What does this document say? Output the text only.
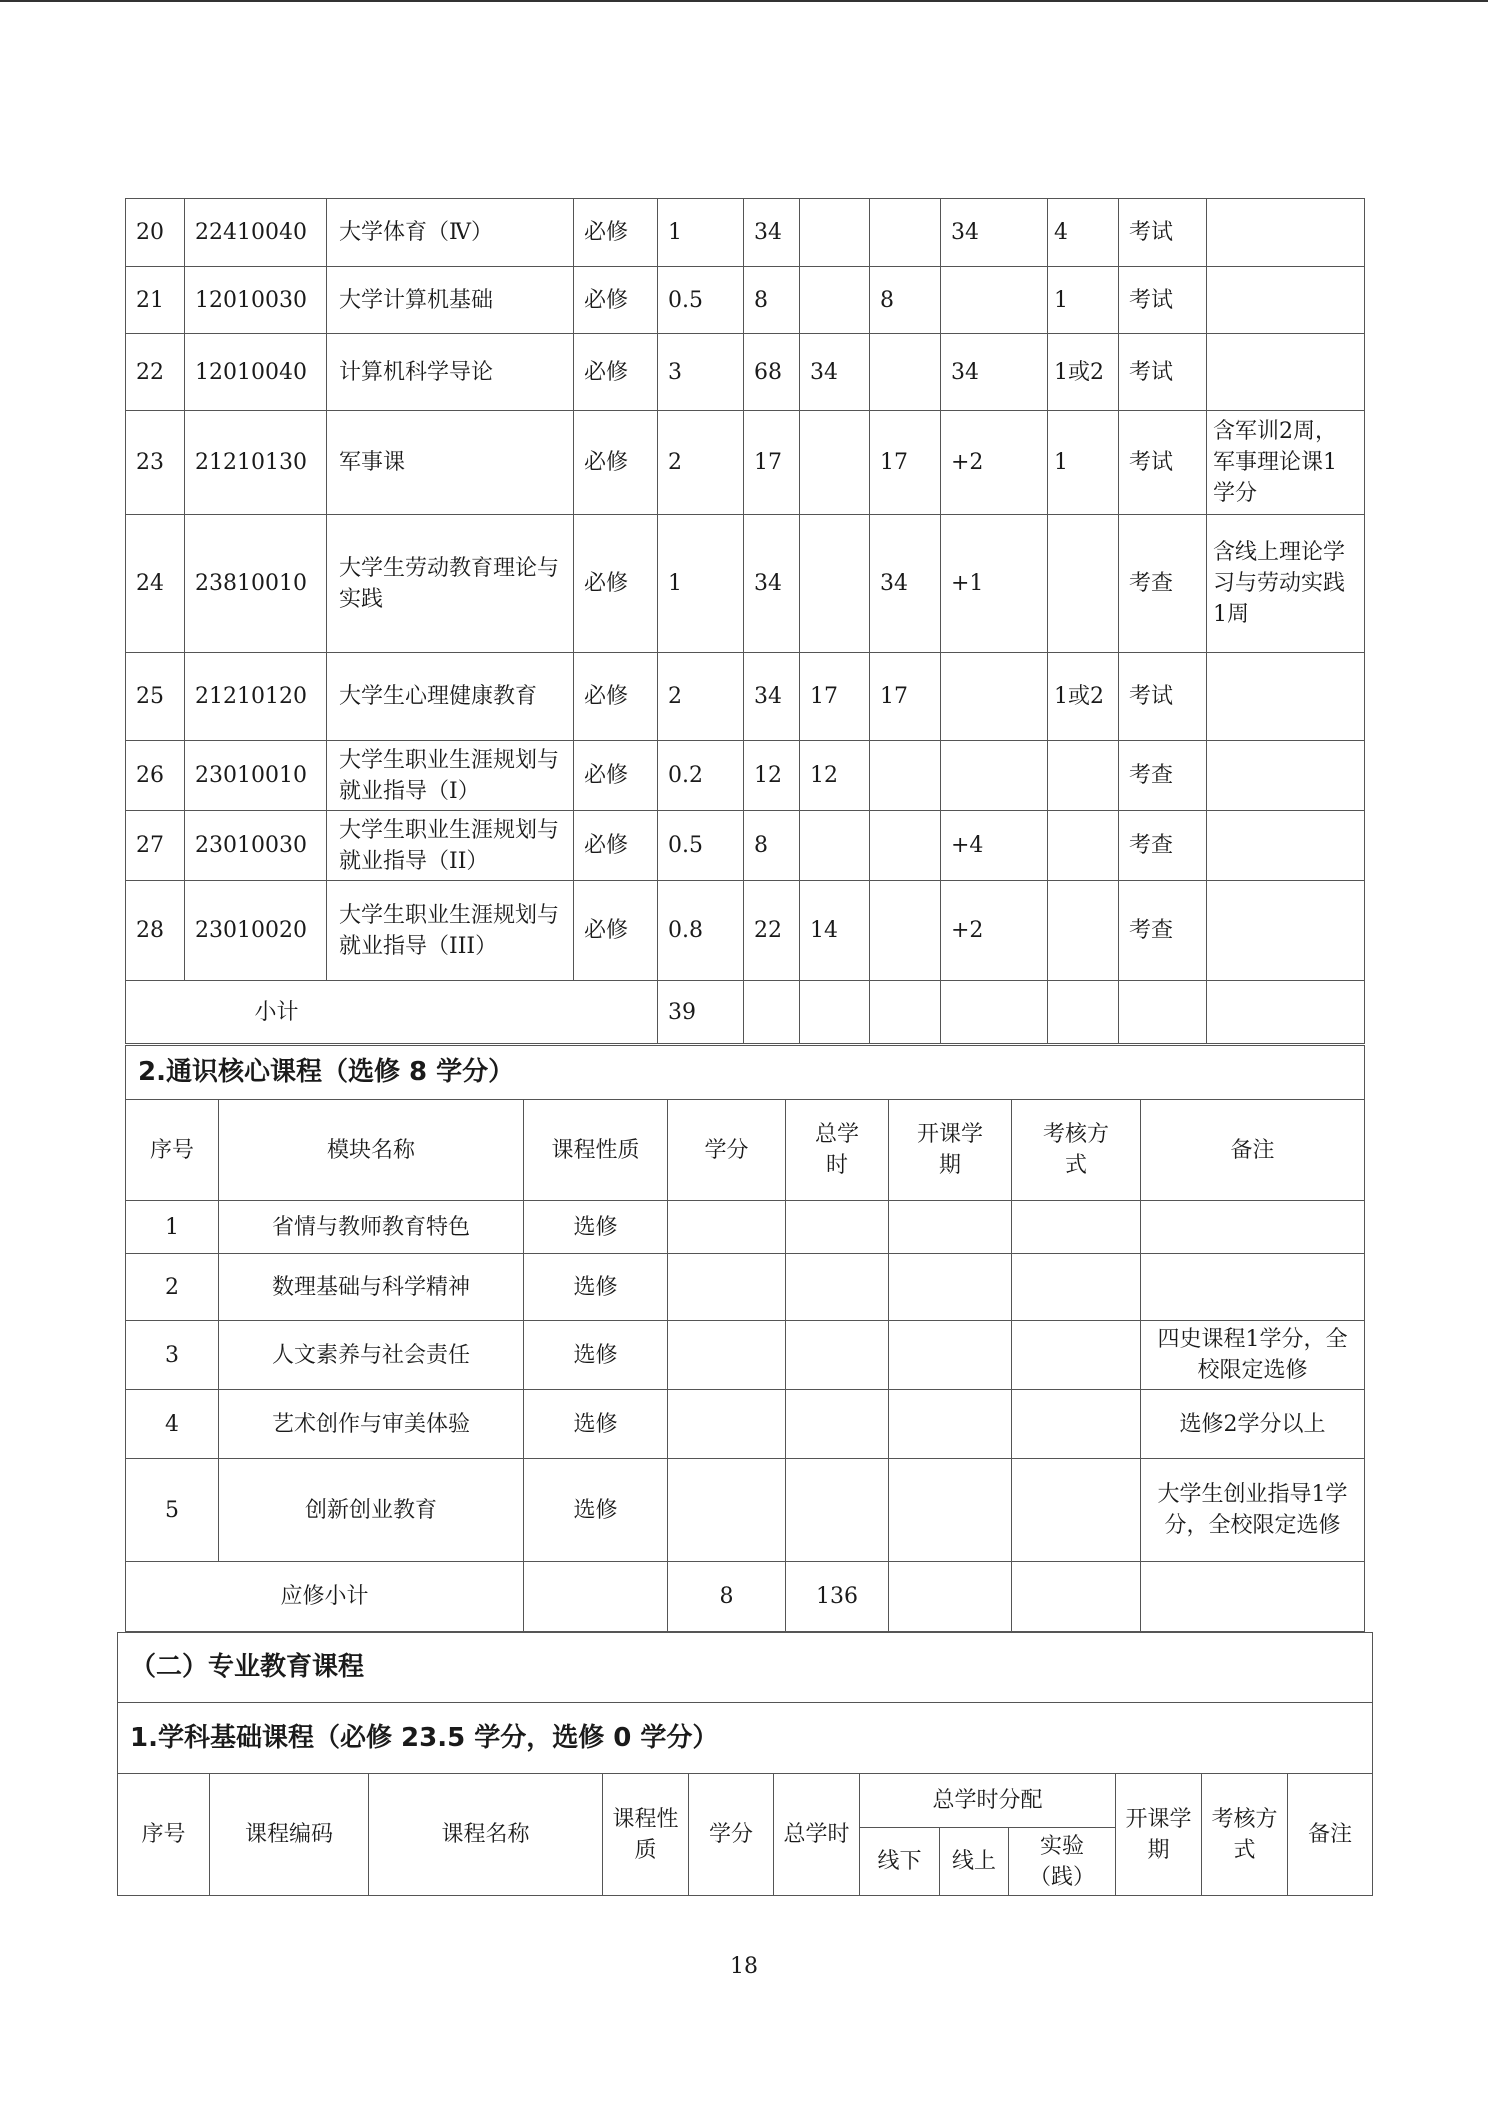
20	22410040	大学体育（Ⅳ）	必修	1	34			34	4	考试	
21	12010030	大学计算机基础	必修	0.5	8		8		1	考试	
22	12010040	计算机科学导论	必修	3	68	34		34	1或2	考试	
23	21210130	军事课	必修	2	17		17	+2	1	考试	含军训2周，军事理论课1学分
24	23810010	大学生劳动教育理论与实践	必修	1	34		34	+1		考查	含线上理论学习与劳动实践1周
25	21210120	大学生心理健康教育	必修	2	34	17	17		1或2	考试	
26	23010010	大学生职业生涯规划与就业指导（I）	必修	0.2	12	12				考查	
27	23010030	大学生职业生涯规划与就业指导（II）	必修	0.5	8			+4		考查	
28	23010020	大学生职业生涯规划与就业指导（III）	必修	0.8	22	14		+2		考查	
小计				39							
2.通识核心课程（选修 8 学分）							
序号	模块名称	课程性质	学分	总学时	开课学期	考核方式	备注
1	省情与教师教育特色	选修					
2	数理基础与科学精神	选修					
3	人文素养与社会责任	选修					四史课程1学分，全校限定选修
4	艺术创作与审美体验	选修					选修2学分以上
5	创新创业教育	选修					大学生创业指导1学分，全校限定选修
应修小计			8	136			
（二）专业教育课程											
1.学科基础课程（必修 23.5 学分，选修 0 学分）											
序号	课程编码	课程名称	课程性质	学分	总学时	总学时分配			开课学期	考核方式	备注
						线下	线上	实验（践）			
18
